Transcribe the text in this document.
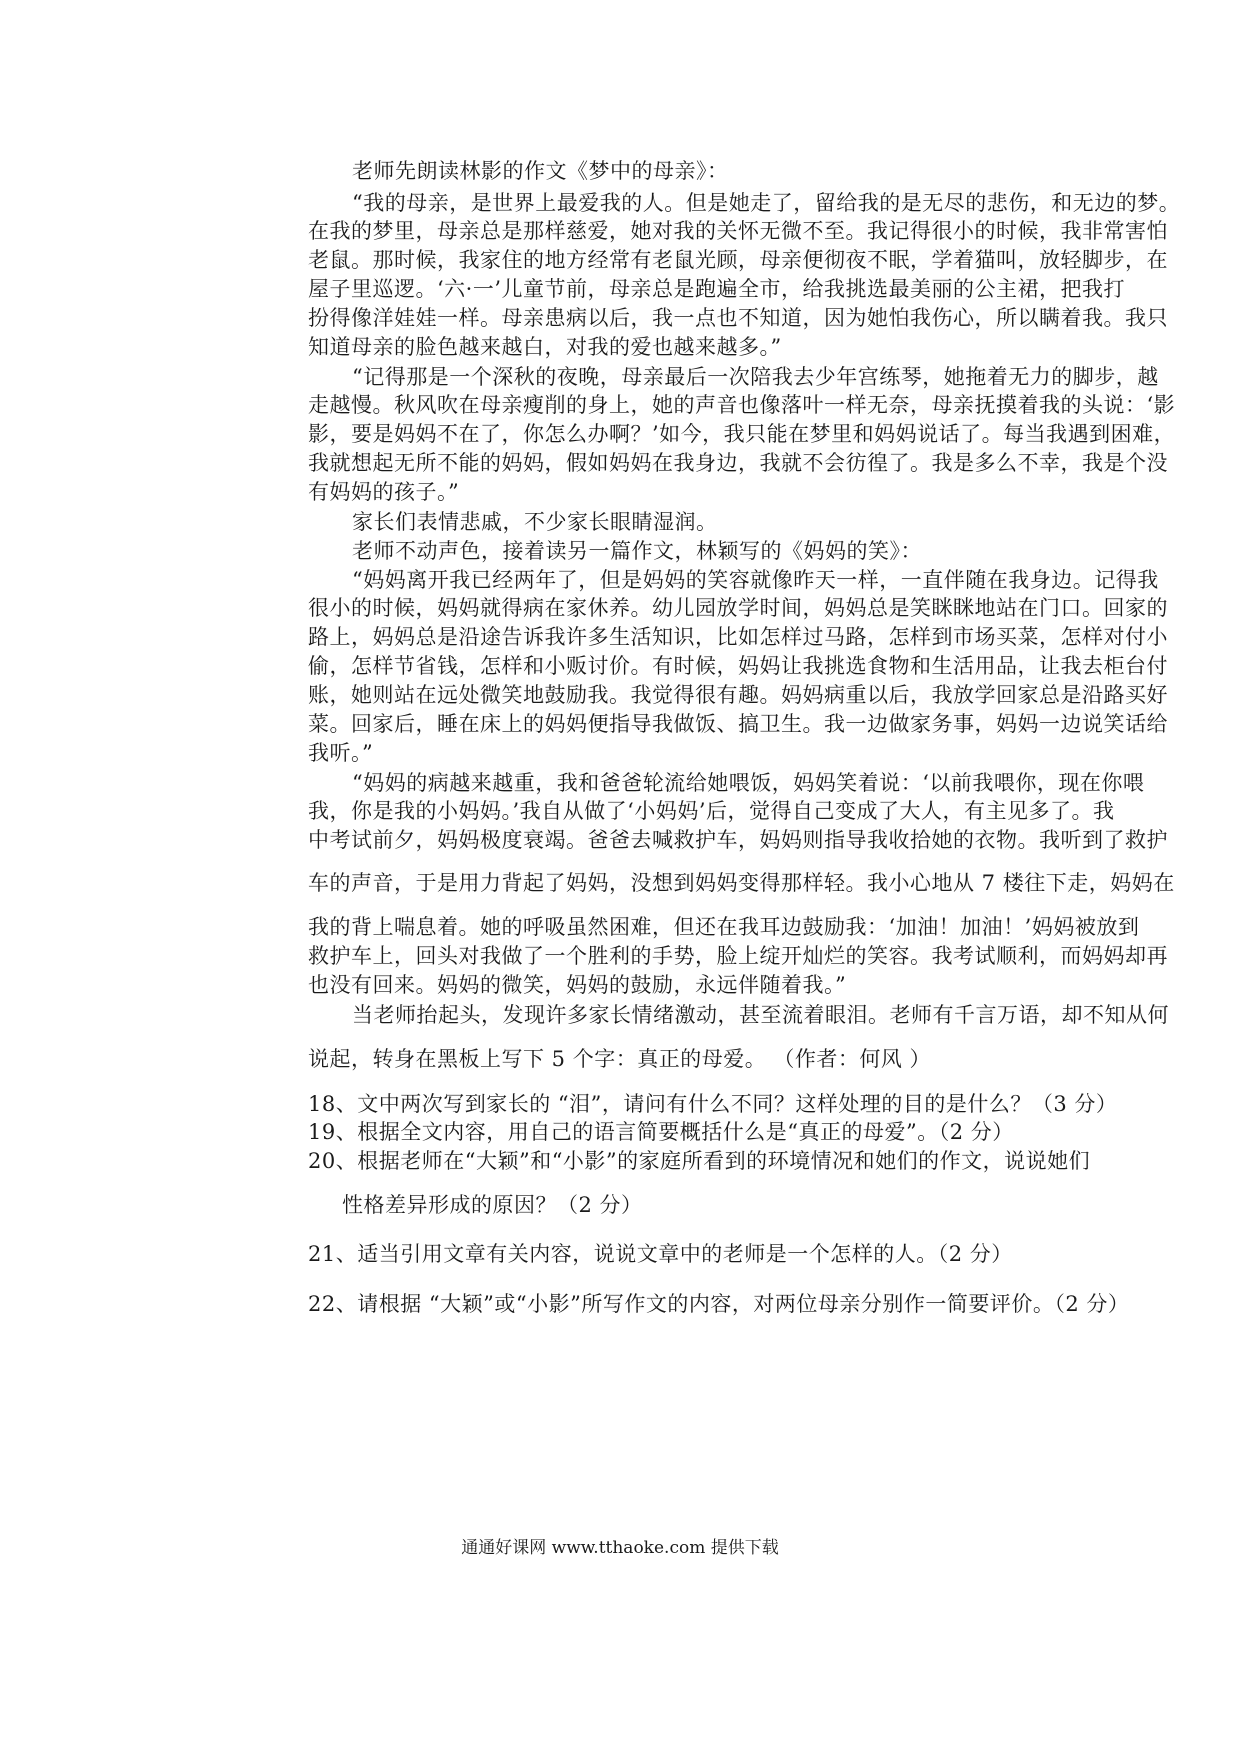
老师先朗读林影的作文《梦中的母亲》：
“我的母亲，是世界上最爱我的人。但是她走了，留给我的是无尽的悲伤，和无边的梦。
在我的梦里，母亲总是那样慈爱，她对我的关怀无微不至。我记得很小的时候，我非常害怕
老鼠。那时候，我家住的地方经常有老鼠光顾，母亲便彻夜不眠，学着猫叫，放轻脚步，在
屋子里巡逻。‘六·一’儿童节前，母亲总是跑遍全市，给我挑选最美丽的公主裙，把我打
扮得像洋娃娃一样。母亲患病以后，我一点也不知道，因为她怕我伤心，所以瞒着我。我只
知道母亲的脸色越来越白，对我的爱也越来越多。”
“记得那是一个深秋的夜晚，母亲最后一次陪我去少年宫练琴，她拖着无力的脚步，越
走越慢。秋风吹在母亲瘦削的身上，她的声音也像落叶一样无奈，母亲抚摸着我的头说：‘影
影，要是妈妈不在了，你怎么办啊？’如今，我只能在梦里和妈妈说话了。每当我遇到困难，
我就想起无所不能的妈妈，假如妈妈在我身边，我就不会彷徨了。我是多么不幸，我是个没
有妈妈的孩子。”
家长们表情悲戚，不少家长眼睛湿润。
老师不动声色，接着读另一篇作文，林颖写的《妈妈的笑》：
“妈妈离开我已经两年了，但是妈妈的笑容就像昨天一样，一直伴随在我身边。记得我
很小的时候，妈妈就得病在家休养。幼儿园放学时间，妈妈总是笑眯眯地站在门口。回家的
路上，妈妈总是沿途告诉我许多生活知识，比如怎样过马路，怎样到市场买菜，怎样对付小
偷，怎样节省钱，怎样和小贩讨价。有时候，妈妈让我挑选食物和生活用品，让我去柜台付
账，她则站在远处微笑地鼓励我。我觉得很有趣。妈妈病重以后，我放学回家总是沿路买好
菜。回家后，睡在床上的妈妈便指导我做饭、搞卫生。我一边做家务事，妈妈一边说笑话给
我听。”
“妈妈的病越来越重，我和爸爸轮流给她喂饭，妈妈笑着说：‘以前我喂你，现在你喂
我，你是我的小妈妈。’我自从做了‘小妈妈’后，觉得自己变成了大人，有主见多了。我
中考试前夕，妈妈极度衰竭。爸爸去喊救护车，妈妈则指导我收拾她的衣物。我听到了救护
车的声音，于是用力背起了妈妈，没想到妈妈变得那样轻。我小心地从 7 楼往下走，妈妈在
我的背上喘息着。她的呼吸虽然困难，但还在我耳边鼓励我：‘加油！加油！’妈妈被放到
救护车上，回头对我做了一个胜利的手势，脸上绽开灿烂的笑容。我考试顺利，而妈妈却再
也没有回来。妈妈的微笑，妈妈的鼓励，永远伴随着我。”
当老师抬起头，发现许多家长情绪激动，甚至流着眼泪。老师有千言万语，却不知从何
说起，转身在黑板上写下 5 个字：真正的母爱。 （作者：何风 ）
18、文中两次写到家长的 “泪”，请问有什么不同？这样处理的目的是什么？（3 分）
19、根据全文内容，用自己的语言简要概括什么是“真正的母爱”。（2 分）
20、根据老师在“大颖”和“小影”的家庭所看到的环境情况和她们的作文，说说她们
性格差异形成的原因？（2 分）
21、适当引用文章有关内容，说说文章中的老师是一个怎样的人。（2 分）
22、请根据 “大颖”或“小影”所写作文的内容，对两位母亲分别作一简要评价。（2 分）
通通好课网 www.tthaoke.com 提供下载
